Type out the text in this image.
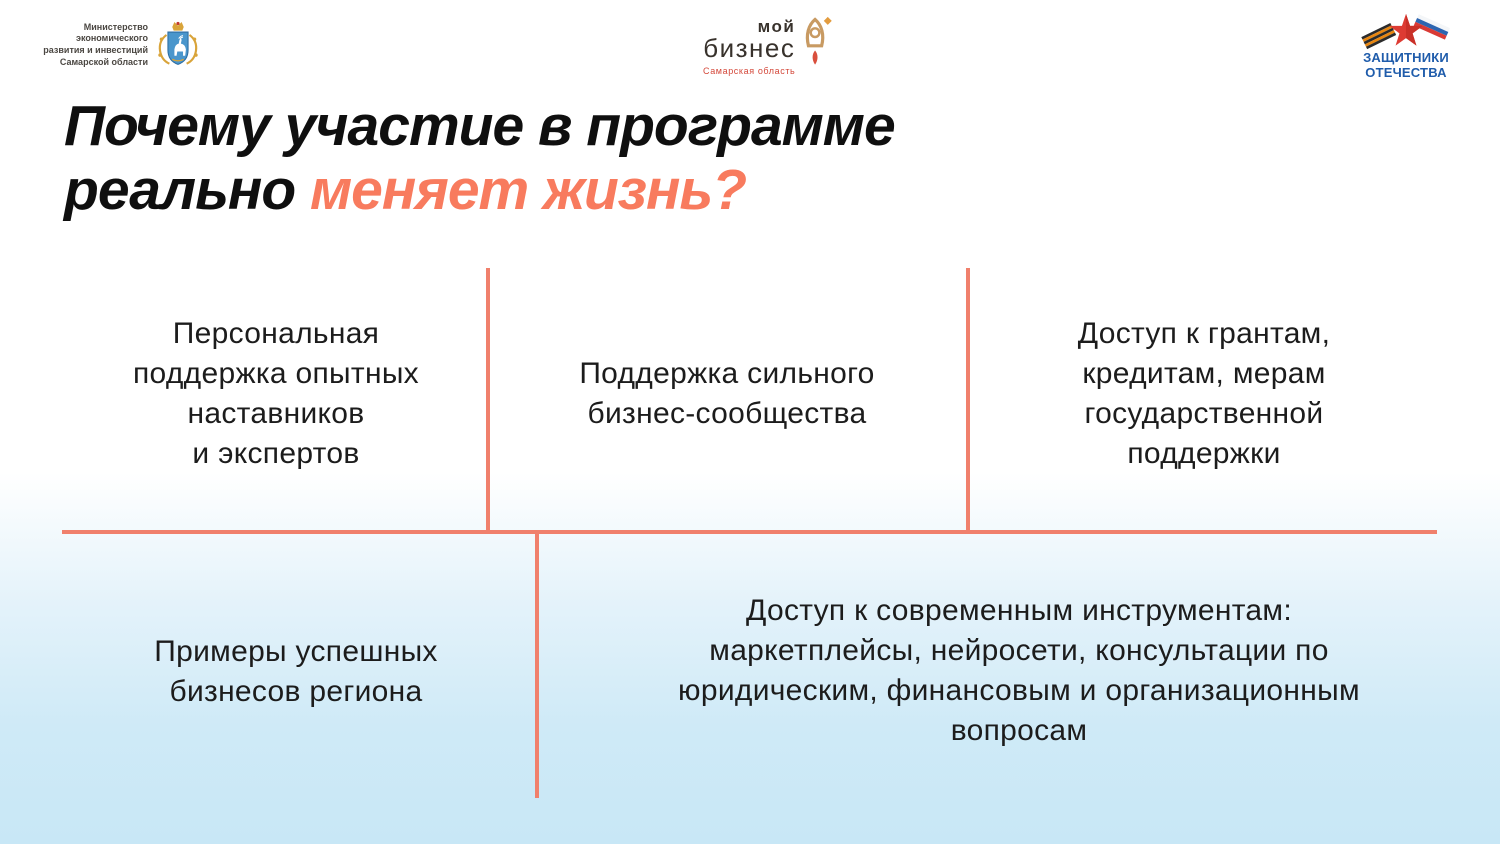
Министерство
экономического
развития и инвестиций
Самарской области
мой
бизнес
Самарская область
ЗАЩИТНИКИ
ОТЕЧЕСТВА
Почему участие в программе
реально меняет жизнь?
Персональная
поддержка опытных
наставников
и экспертов
Поддержка сильного
бизнес-сообщества
Доступ к грантам,
кредитам, мерам
государственной
поддержки
Примеры успешных
бизнесов региона
Доступ к современным инструментам:
маркетплейсы, нейросети, консультации по
юридическим, финансовым и организационным
вопросам
